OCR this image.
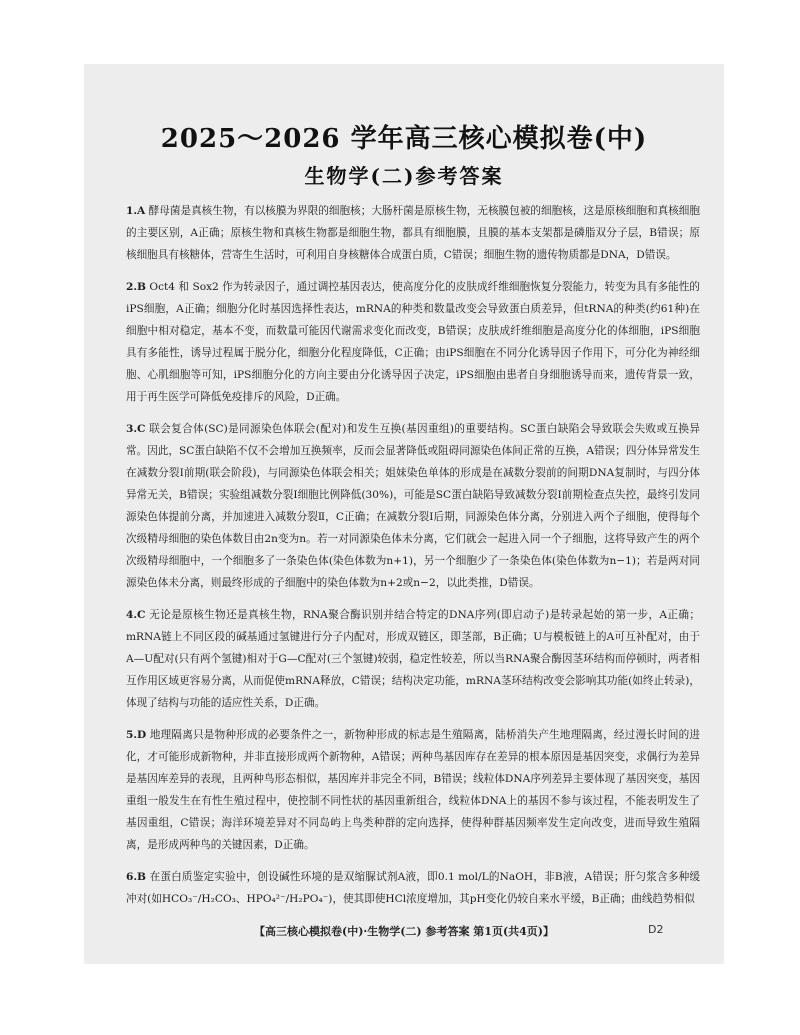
2025～2026 学年高三核心模拟卷(中)
生物学(二)参考答案

1.A 酵母菌是真核生物，有以核膜为界限的细胞核；大肠杆菌是原核生物，无核膜包被的细胞核，这是原核细胞和真核细胞的主要区别，A正确；原核生物和真核生物都是细胞生物，都具有细胞膜，且膜的基本支架都是磷脂双分子层，B错误；原核细胞具有核糖体，营寄生生活时，可利用自身核糖体合成蛋白质，C错误；细胞生物的遗传物质都是DNA，D错误。

2.B Oct4 和 Sox2 作为转录因子，通过调控基因表达，使高度分化的皮肤成纤维细胞恢复分裂能力，转变为具有多能性的iPS细胞，A正确；细胞分化时基因选择性表达，mRNA的种类和数量改变会导致蛋白质差异，但tRNA的种类(约61种)在细胞中相对稳定，基本不变，而数量可能因代谢需求变化而改变，B错误；皮肤成纤维细胞是高度分化的体细胞，iPS细胞具有多能性，诱导过程属于脱分化，细胞分化程度降低，C正确；由iPS细胞在不同分化诱导因子作用下，可分化为神经细胞、心肌细胞等可知，iPS细胞分化的方向主要由分化诱导因子决定，iPS细胞由患者自身细胞诱导而来，遗传背景一致，用于再生医学可降低免疫排斥的风险，D正确。

3.C 联会复合体(SC)是同源染色体联会(配对)和发生互换(基因重组)的重要结构。SC蛋白缺陷会导致联会失败或互换异常。因此，SC蛋白缺陷不仅不会增加互换频率，反而会显著降低或阻碍同源染色体间正常的互换，A错误；四分体异常发生在减数分裂Ⅰ前期(联会阶段)，与同源染色体联会相关；姐妹染色单体的形成是在减数分裂前的间期DNA复制时，与四分体异常无关，B错误；实验组减数分裂Ⅰ细胞比例降低(30%)，可能是SC蛋白缺陷导致减数分裂Ⅰ前期检查点失控，最终引发同源染色体提前分离，并加速进入减数分裂Ⅱ，C正确；在减数分裂Ⅰ后期，同源染色体分离，分别进入两个子细胞，使得每个次级精母细胞的染色体数目由2n变为n。若一对同源染色体未分离，它们就会一起进入同一个子细胞，这将导致产生的两个次级精母细胞中，一个细胞多了一条染色体(染色体数为n+1)，另一个细胞少了一条染色体(染色体数为n−1)；若是两对同源染色体未分离，则最终形成的子细胞中的染色体数为n+2或n−2，以此类推，D错误。

4.C 无论是原核生物还是真核生物，RNA聚合酶识别并结合特定的DNA序列(即启动子)是转录起始的第一步，A正确；mRNA链上不同区段的碱基通过氢键进行分子内配对，形成双链区，即茎部，B正确；U与模板链上的A可互补配对，由于A—U配对(只有两个氢键)相对于G—C配对(三个氢键)较弱，稳定性较差，所以当RNA聚合酶因茎环结构而停顿时，两者相互作用区域更容易分离，从而促使mRNA释放，C错误；结构决定功能，mRNA茎环结构改变会影响其功能(如终止转录)，体现了结构与功能的适应性关系，D正确。

5.D 地理隔离只是物种形成的必要条件之一，新物种形成的标志是生殖隔离，陆桥消失产生地理隔离，经过漫长时间的进化，才可能形成新物种，并非直接形成两个新物种，A错误；两种鸟基因库存在差异的根本原因是基因突变，求偶行为差异是基因库差异的表现，且两种鸟形态相似，基因库并非完全不同，B错误；线粒体DNA序列差异主要体现了基因突变，基因重组一般发生在有性生殖过程中，使控制不同性状的基因重新组合，线粒体DNA上的基因不参与该过程，不能表明发生了基因重组，C错误；海洋环境差异对不同岛屿上鸟类种群的定向选择，使得种群基因频率发生定向改变，进而导致生殖隔离，是形成两种鸟的关键因素，D正确。

6.B 在蛋白质鉴定实验中，创设碱性环境的是双缩脲试剂A液，即0.1 mol/L的NaOH，非B液，A错误；肝匀浆含多种缓冲对(如HCO₃⁻/H₂CO₃、HPO₄²⁻/H₂PO₄⁻)，使其即使HCl浓度增加，其pH变化仍较自来水平缓，B正确；曲线趋势相似

【高三核心模拟卷(中)·生物学(二) 参考答案 第1页(共4页)】	D2
